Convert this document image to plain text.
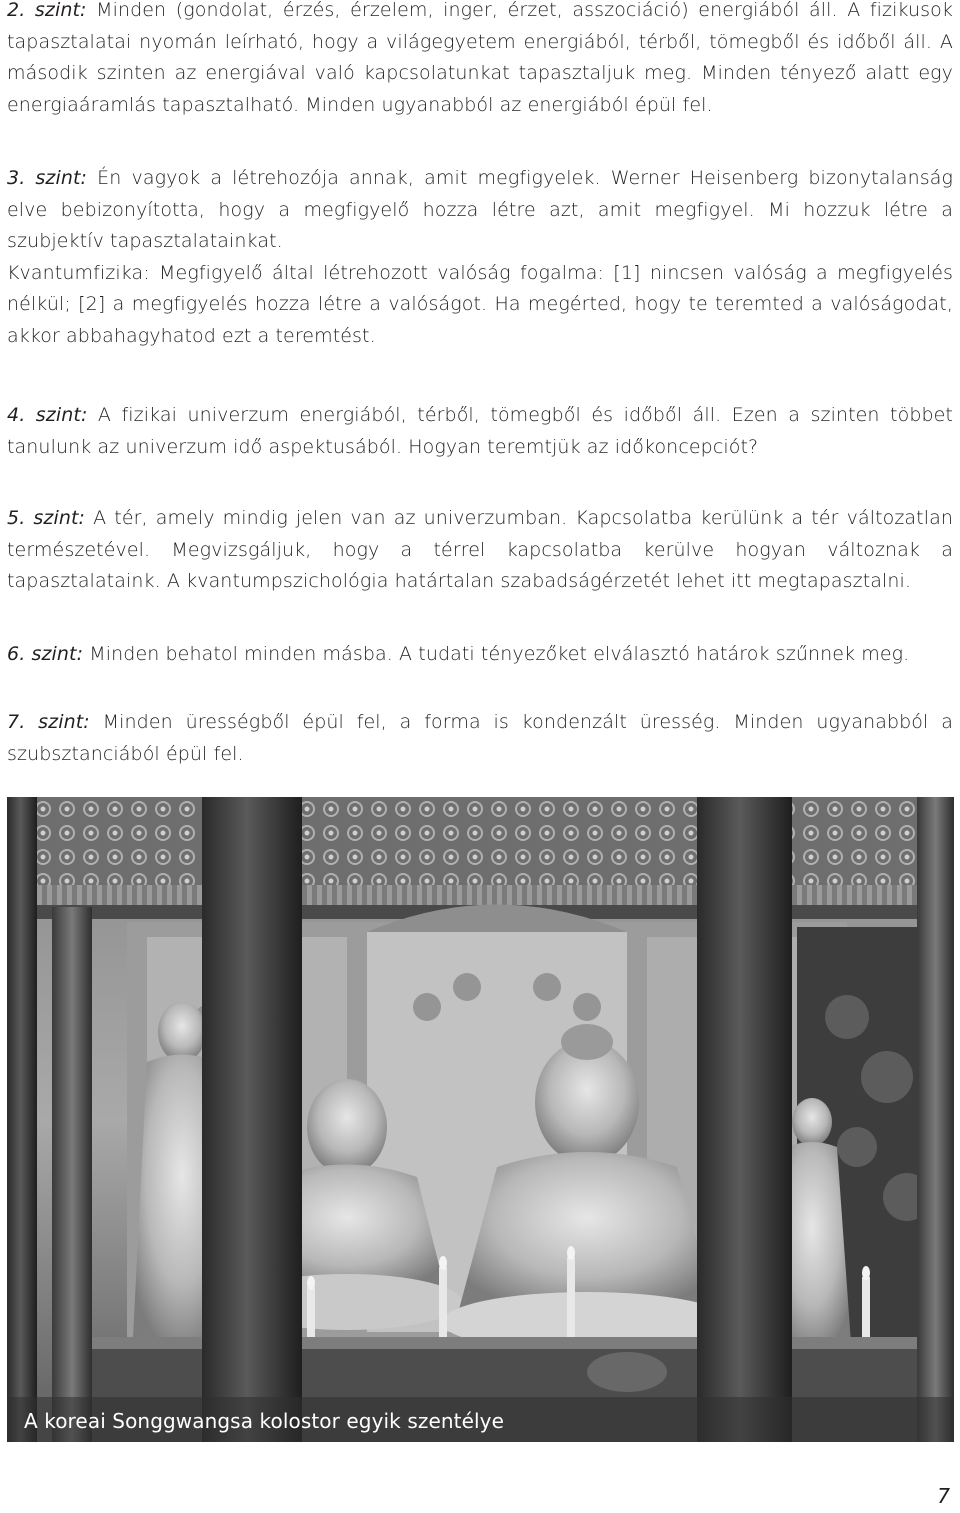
2. szint: Minden (gondolat, érzés, érzelem, inger, érzet, asszociáció) energiából áll. A fizikusok tapasztalatai nyomán leírható, hogy a világegyetem energiából, térből, tömegből és időből áll. A második szinten az energiával való kapcsolatunkat tapasztaljuk meg. Minden tényező alatt egy energiaáramlás tapasztalható. Minden ugyanabból az energiából épül fel.

3. szint: Én vagyok a létrehozója annak, amit megfigyelek. Werner Heisenberg bizonytalanság elve bebizonyította, hogy a megfigyelő hozza létre azt, amit megfigyel. Mi hozzuk létre a szubjektív tapasztalatainkat.

Kvantumfizika: Megfigyelő által létrehozott valóság fogalma: [1] nincsen valóság a megfigyelés nélkül; [2] a megfigyelés hozza létre a valóságot. Ha megérted, hogy te teremted a valóságodat, akkor abbahagyhatod ezt a teremtést.

4. szint: A fizikai univerzum energiából, térből, tömegből és időből áll. Ezen a szinten többet tanulunk az univerzum idő aspektusából. Hogyan teremtjük az időkoncepciót?

5. szint: A tér, amely mindig jelen van az univerzumban. Kapcsolatba kerülünk a tér változatlan természetével. Megvizsgáljuk, hogy a térrel kapcsolatba kerülve hogyan változnak a tapasztalataink. A kvantumpszichológia határtalan szabadságérzetét lehet itt megtapasztalni.

6. szint: Minden behatol minden másba. A tudati tényezőket elválasztó határok szűnnek meg.

7. szint: Minden ürességből épül fel, a forma is kondenzált üresség. Minden ugyanabból a szubsztanciából épül fel.

A koreai Songgwangsa kolostor egyik szentélye
7
